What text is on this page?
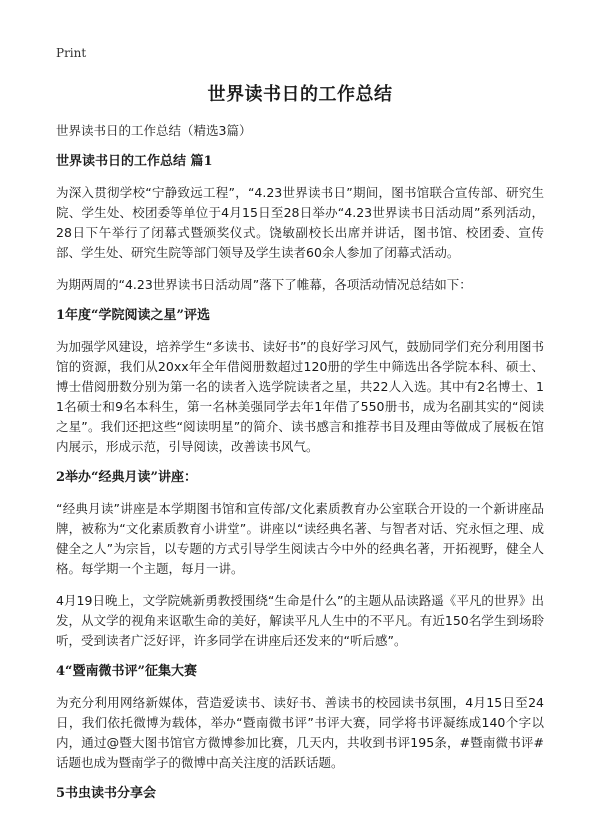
Print
世界读书日的工作总结
世界读书日的工作总结（精选3篇）
世界读书日的工作总结 篇1
为深入贯彻学校“宁静致远工程”，“4.23世界读书日”期间，图书馆联合宣传部、研究生院、学生处、校团委等单位于4月15日至28日举办“4.23世界读书日活动周”系列活动，28日下午举行了闭幕式暨颁奖仪式。饶敏副校长出席并讲话，图书馆、校团委、宣传部、学生处、研究生院等部门领导及学生读者60余人参加了闭幕式活动。
为期两周的“4.23世界读书日活动周”落下了帷幕，各项活动情况总结如下：
1年度“学院阅读之星”评选
为加强学风建设，培养学生“多读书、读好书”的良好学习风气，鼓励同学们充分利用图书馆的资源，我们从20xx年全年借阅册数超过120册的学生中筛选出各学院本科、硕士、博士借阅册数分别为第一名的读者入选学院读者之星，共22人入选。其中有2名博士、11名硕士和9名本科生，第一名林美强同学去年1年借了550册书，成为名副其实的“阅读之星”。我们还把这些“阅读明星”的简介、读书感言和推荐书目及理由等做成了展板在馆内展示，形成示范，引导阅读，改善读书风气。
2举办“经典月读”讲座：
“经典月读”讲座是本学期图书馆和宣传部/文化素质教育办公室联合开设的一个新讲座品牌，被称为“文化素质教育小讲堂”。讲座以“读经典名著、与智者对话、究永恒之理、成健全之人”为宗旨，以专题的方式引导学生阅读古今中外的经典名著，开拓视野，健全人格。每学期一个主题，每月一讲。
4月19日晚上，文学院姚新勇教授围绕“生命是什么”的主题从品读路遥《平凡的世界》出发，从文学的视角来讴歌生命的美好，解读平凡人生中的不平凡。有近150名学生到场聆听，受到读者广泛好评，许多同学在讲座后还发来的“听后感”。
4“暨南微书评”征集大赛
为充分利用网络新媒体，营造爱读书、读好书、善读书的校园读书氛围，4月15日至24日，我们依托微博为载体，举办“暨南微书评”书评大赛，同学将书评凝练成140个字以内，通过@暨大图书馆官方微博参加比赛，几天内，共收到书评195条，#暨南微书评#话题也成为暨南学子的微博中高关注度的活跃话题。
5书虫读书分享会
